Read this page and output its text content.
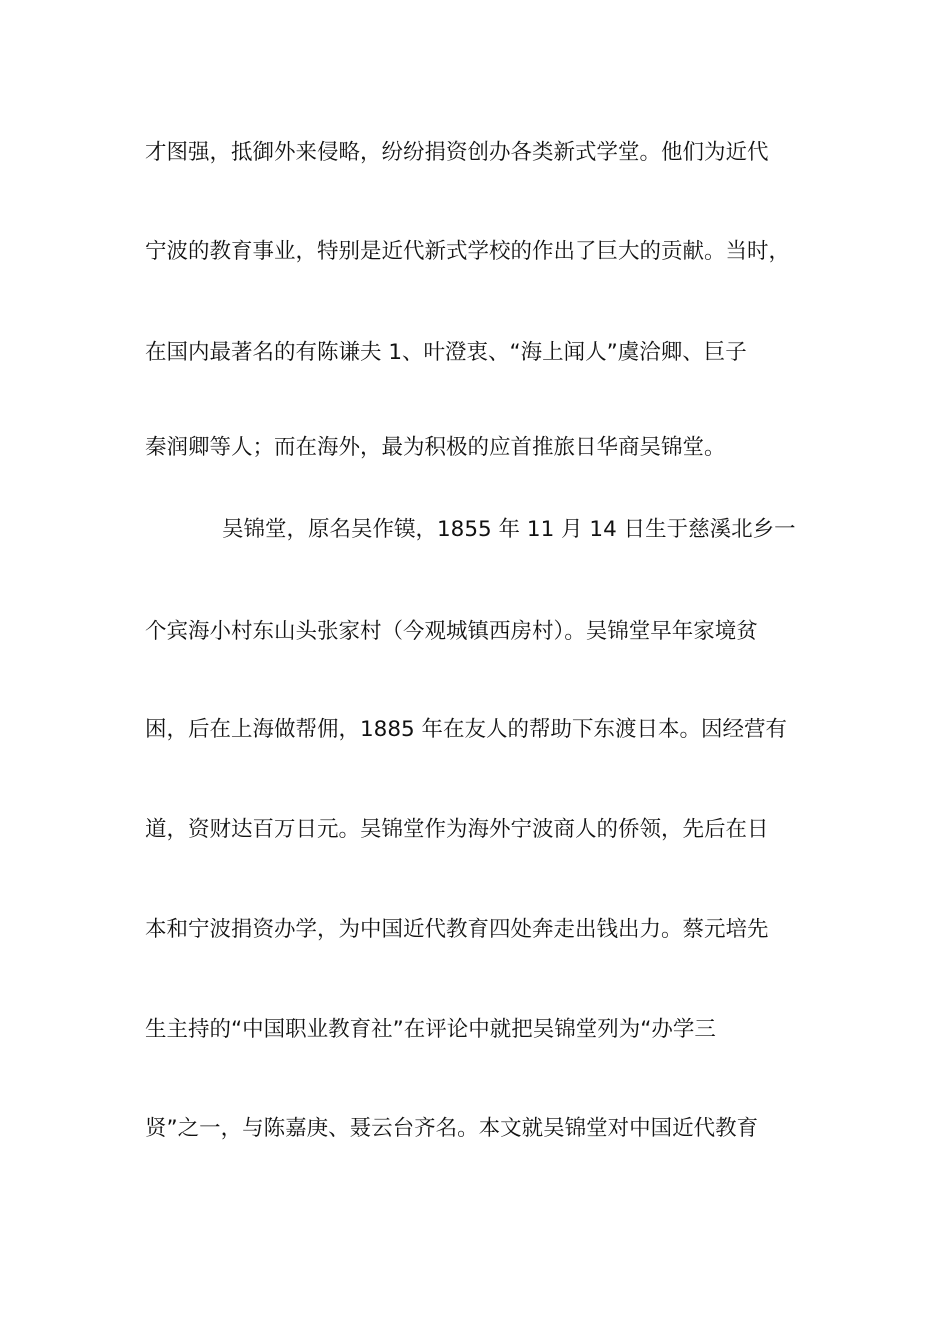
才图强，抵御外来侵略，纷纷捐资创办各类新式学堂。他们为近代
宁波的教育事业，特别是近代新式学校的作出了巨大的贡献。当时，
在国内最著名的有陈谦夫 1、叶澄衷、“海上闻人”虞洽卿、巨子
秦润卿等人；而在海外，最为积极的应首推旅日华商吴锦堂。
吴锦堂，原名吴作镆，1855 年 11 月 14 日生于慈溪北乡一
个宾海小村东山头张家村（今观城镇西房村）。吴锦堂早年家境贫
困，后在上海做帮佣，1885 年在友人的帮助下东渡日本。因经营有
道，资财达百万日元。吴锦堂作为海外宁波商人的侨领，先后在日
本和宁波捐资办学，为中国近代教育四处奔走出钱出力。蔡元培先
生主持的“中国职业教育社”在评论中就把吴锦堂列为“办学三
贤”之一，与陈嘉庚、聂云台齐名。本文就吴锦堂对中国近代教育
